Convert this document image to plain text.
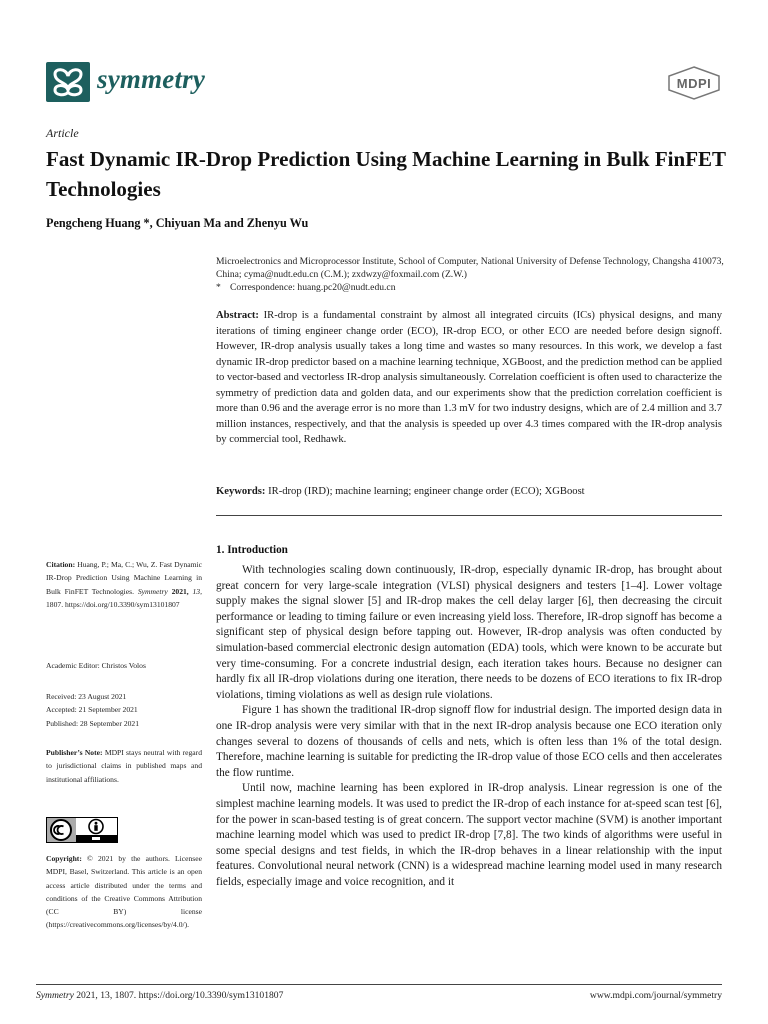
symmetry	MDPI
Article
Fast Dynamic IR-Drop Prediction Using Machine Learning in Bulk FinFET Technologies
Pengcheng Huang *, Chiyuan Ma and Zhenyu Wu
Microelectronics and Microprocessor Institute, School of Computer, National University of Defense Technology, Changsha 410073, China; cyma@nudt.edu.cn (C.M.); zxdwzy@foxmail.com (Z.W.)
* Correspondence: huang.pc20@nudt.edu.cn
Abstract: IR-drop is a fundamental constraint by almost all integrated circuits (ICs) physical designs, and many iterations of timing engineer change order (ECO), IR-drop ECO, or other ECO are needed before design signoff. However, IR-drop analysis usually takes a long time and wastes so many resources. In this work, we develop a fast dynamic IR-drop predictor based on a machine learning technique, XGBoost, and the prediction method can be applied to vector-based and vectorless IR-drop analysis simultaneously. Correlation coefficient is often used to characterize the symmetry of prediction data and golden data, and our experiments show that the prediction correlation coefficient is more than 0.96 and the average error is no more than 1.3 mV for two industry designs, which are of 2.4 million and 3.7 million instances, respectively, and that the analysis is speeded up over 4.3 times compared with the IR-drop analysis by commercial tool, Redhawk.
Keywords: IR-drop (IRD); machine learning; engineer change order (ECO); XGBoost
Citation: Huang, P.; Ma, C.; Wu, Z. Fast Dynamic IR-Drop Prediction Using Machine Learning in Bulk FinFET Technologies. Symmetry 2021, 13, 1807. https://doi.org/10.3390/sym13101807
Academic Editor: Christos Volos
Received: 23 August 2021
Accepted: 21 September 2021
Published: 28 September 2021
Publisher’s Note: MDPI stays neutral with regard to jurisdictional claims in published maps and institutional affiliations.
Copyright: © 2021 by the authors. Licensee MDPI, Basel, Switzerland. This article is an open access article distributed under the terms and conditions of the Creative Commons Attribution (CC BY) license (https://creativecommons.org/licenses/by/4.0/).
1. Introduction

With technologies scaling down continuously, IR-drop, especially dynamic IR-drop, has brought about great concern for very large-scale integration (VLSI) physical designers and testers [1–4]. Lower voltage supply makes the signal slower [5] and IR-drop makes the cell delay larger [6], then decreasing the circuit performance or leading to timing failure or even increasing yield loss. Therefore, IR-drop signoff has become a significant step of physical design before tapping out. However, IR-drop analysis was often conducted by simulation-based commercial electronic design automation (EDA) tools, which were known to be accurate but very time-consuming. For a concrete industrial design, each iteration takes hours. Because no designer can hardly fix all IR-drop violations during one iteration, there needs to be dozens of ECO iterations to fix IR-drop violations, timing violations as well as design rule violations.

Figure 1 has shown the traditional IR-drop signoff flow for industrial design. The imported design data in one IR-drop analysis were very similar with that in the next IR-drop analysis because one ECO iteration only changes several to dozens of thousands of cells and nets, which is often less than 1% of the total design. Therefore, machine learning is suitable for predicting the IR-drop value of those ECO cells and then accelerates the flow runtime.

Until now, machine learning has been explored in IR-drop analysis. Linear regression is one of the simplest machine learning models. It was used to predict the IR-drop of each instance for at-speed scan test [6], for the power in scan-based testing is of great concern. The support vector machine (SVM) is another important machine learning model which was used to predict IR-drop [7,8]. The two kinds of algorithms were useful in some special designs and test fields, in which the IR-drop behaves in a linear relationship with the input features. Convolutional neural network (CNN) is a widespread machine learning model used in many research fields, especially image and voice recognition, and it

Symmetry 2021, 13, 1807. https://doi.org/10.3390/sym13101807	www.mdpi.com/journal/symmetry
